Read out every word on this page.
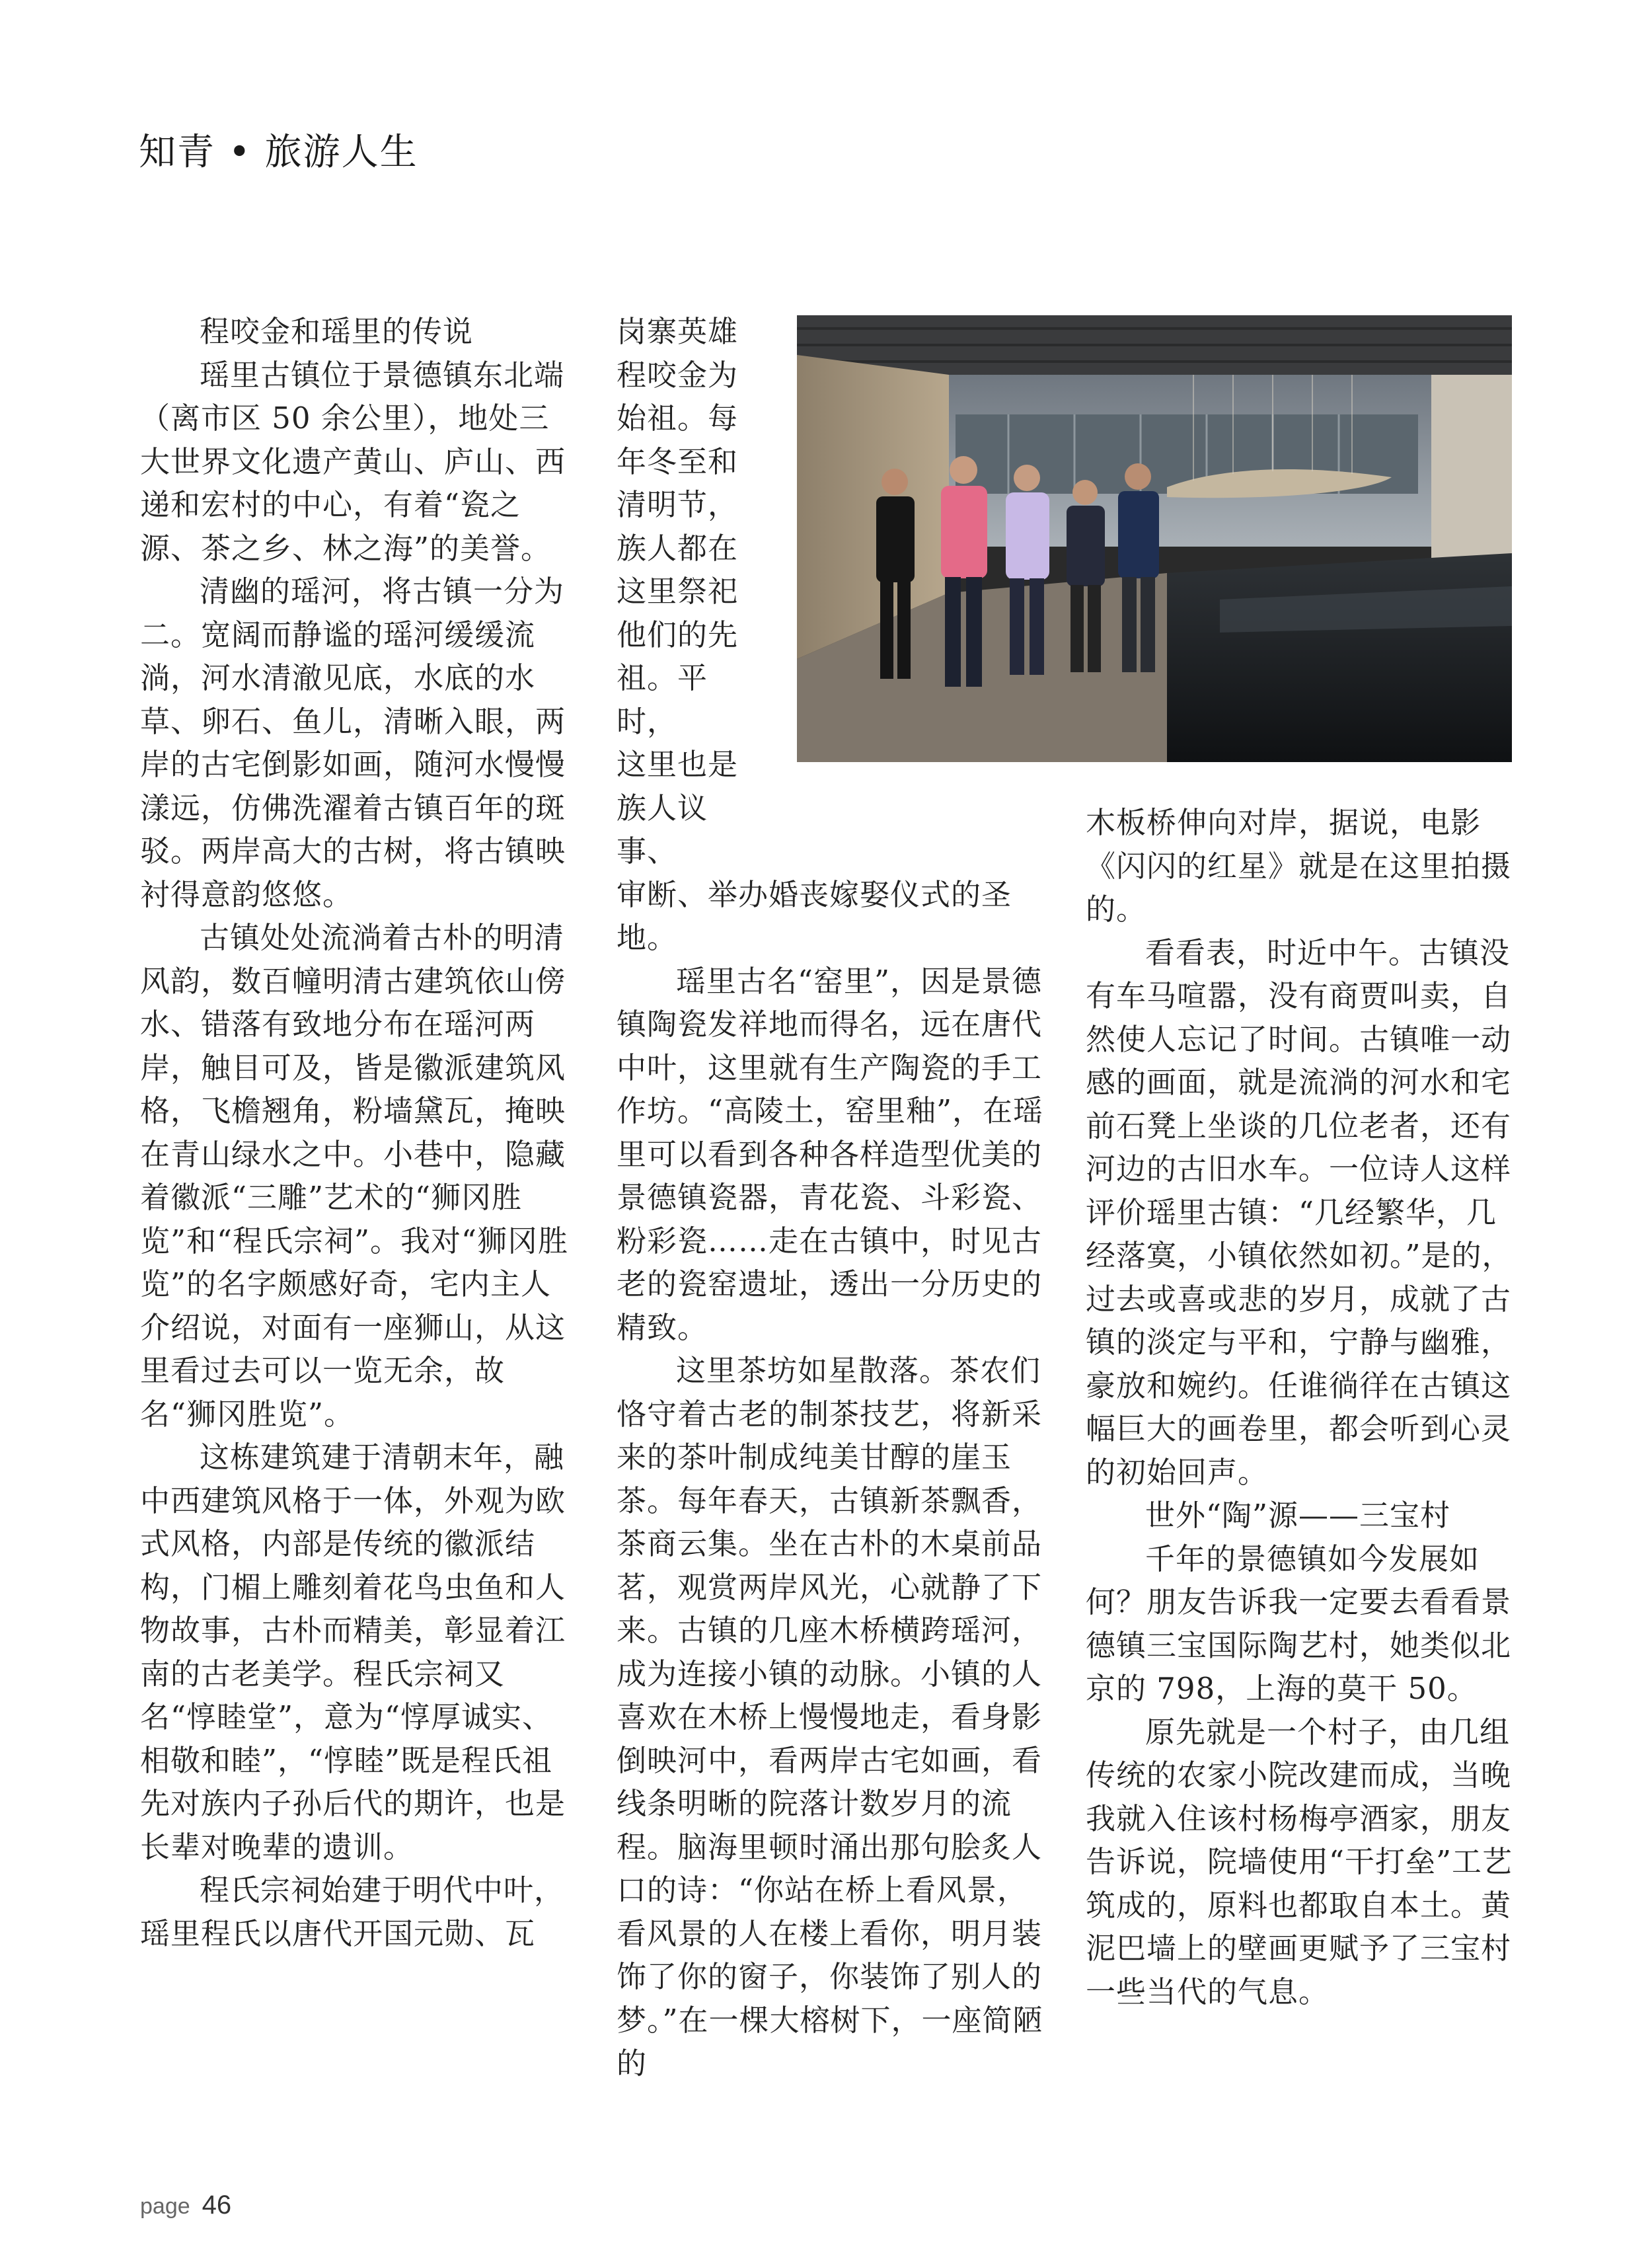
知青 • 旅游人生

程咬金和瑶里的传说

瑶里古镇位于景德镇东北端（离市区 50 余公里），地处三大世界文化遗产黄山、庐山、西递和宏村的中心，有着“瓷之源、茶之乡、林之海”的美誉。

清幽的瑶河，将古镇一分为二。宽阔而静谧的瑶河缓缓流淌，河水清澈见底，水底的水草、卵石、鱼儿，清晰入眼，两岸的古宅倒影如画，随河水慢慢漾远，仿佛洗濯着古镇百年的斑驳。两岸高大的古树，将古镇映衬得意韵悠悠。

古镇处处流淌着古朴的明清风韵，数百幢明清古建筑依山傍水、错落有致地分布在瑶河两岸，触目可及，皆是徽派建筑风格，飞檐翘角，粉墙黛瓦，掩映在青山绿水之中。小巷中，隐藏着徽派“三雕”艺术的“狮冈胜览”和“程氏宗祠”。我对“狮冈胜览”的名字颇感好奇，宅内主人介绍说，对面有一座狮山，从这里看过去可以一览无余，故名“狮冈胜览”。

这栋建筑建于清朝末年，融中西建筑风格于一体，外观为欧式风格，内部是传统的徽派结构，门楣上雕刻着花鸟虫鱼和人物故事，古朴而精美，彰显着江南的古老美学。程氏宗祠又名“惇睦堂”，意为“惇厚诚实、相敬和睦”，“惇睦”既是程氏祖先对族内子孙后代的期许，也是长辈对晚辈的遗训。

程氏宗祠始建于明代中叶，瑶里程氏以唐代开国元勋、瓦

岗寨英雄

程咬金为

始祖。每

年冬至和

清明节，

族人都在

这里祭祀

他们的先

祖。平时，

这里也是

族人议事、

审断、举办婚丧嫁娶仪式的圣地。

瑶里古名“窑里”，因是景德镇陶瓷发祥地而得名，远在唐代中叶，这里就有生产陶瓷的手工作坊。“高陵土，窑里釉”，在瑶里可以看到各种各样造型优美的景德镇瓷器，青花瓷、斗彩瓷、粉彩瓷……走在古镇中，时见古老的瓷窑遗址，透出一分历史的精致。

这里茶坊如星散落。茶农们恪守着古老的制茶技艺，将新采来的茶叶制成纯美甘醇的崖玉茶。每年春天，古镇新茶飘香，茶商云集。坐在古朴的木桌前品茗，观赏两岸风光，心就静了下来。古镇的几座木桥横跨瑶河，成为连接小镇的动脉。小镇的人喜欢在木桥上慢慢地走，看身影倒映河中，看两岸古宅如画，看线条明晰的院落计数岁月的流程。脑海里顿时涌出那句脍炙人口的诗：“你站在桥上看风景，看风景的人在楼上看你，明月装饰了你的窗子，你装饰了别人的梦。”在一棵大榕树下，一座简陋的

木板桥伸向对岸，据说，电影《闪闪的红星》就是在这里拍摄的。

看看表，时近中午。古镇没有车马喧嚣，没有商贾叫卖，自然使人忘记了时间。古镇唯一动感的画面，就是流淌的河水和宅前石凳上坐谈的几位老者，还有河边的古旧水车。一位诗人这样评价瑶里古镇：“几经繁华，几经落寞，小镇依然如初。”是的，过去或喜或悲的岁月，成就了古镇的淡定与平和，宁静与幽雅，豪放和婉约。任谁徜徉在古镇这幅巨大的画卷里，都会听到心灵的初始回声。

世外“陶”源——三宝村

千年的景德镇如今发展如何？朋友告诉我一定要去看看景德镇三宝国际陶艺村，她类似北京的 798，上海的莫干 50。

原先就是一个村子，由几组传统的农家小院改建而成，当晚我就入住该村杨梅亭酒家，朋友告诉说，院墙使用“干打垒”工艺筑成的，原料也都取自本土。黄泥巴墙上的壁画更赋予了三宝村一些当代的气息。

page 46
